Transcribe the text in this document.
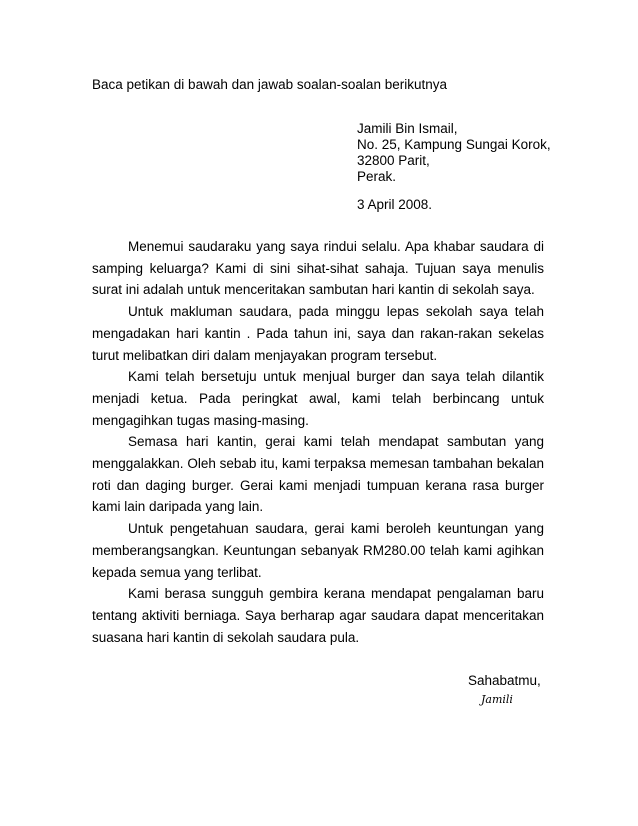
Baca petikan di bawah dan jawab soalan-soalan berikutnya
Jamili Bin Ismail,
No. 25, Kampung Sungai Korok,
32800 Parit,
Perak.
3 April 2008.

Menemui saudaraku yang saya rindui selalu. Apa khabar saudara di samping keluarga? Kami di sini sihat-sihat sahaja. Tujuan saya menulis surat ini adalah untuk menceritakan sambutan hari kantin di sekolah saya.

Untuk makluman saudara, pada minggu lepas sekolah saya telah mengadakan hari kantin . Pada tahun ini, saya dan rakan-rakan sekelas turut melibatkan diri dalam menjayakan program tersebut.

Kami telah bersetuju untuk menjual burger dan saya telah dilantik menjadi ketua. Pada peringkat awal, kami telah berbincang untuk mengagihkan tugas masing-masing.

Semasa hari kantin, gerai kami telah mendapat sambutan yang menggalakkan. Oleh sebab itu, kami terpaksa memesan tambahan bekalan roti dan daging burger. Gerai kami menjadi tumpuan kerana rasa burger kami lain daripada yang lain.

Untuk pengetahuan saudara, gerai kami beroleh keuntungan yang memberangsangkan. Keuntungan sebanyak RM280.00 telah kami agihkan kepada semua yang terlibat.

Kami berasa sungguh gembira kerana mendapat pengalaman baru tentang aktiviti berniaga. Saya berharap agar saudara dapat menceritakan suasana hari kantin di sekolah saudara pula.

Sahabatmu,
Jamili
